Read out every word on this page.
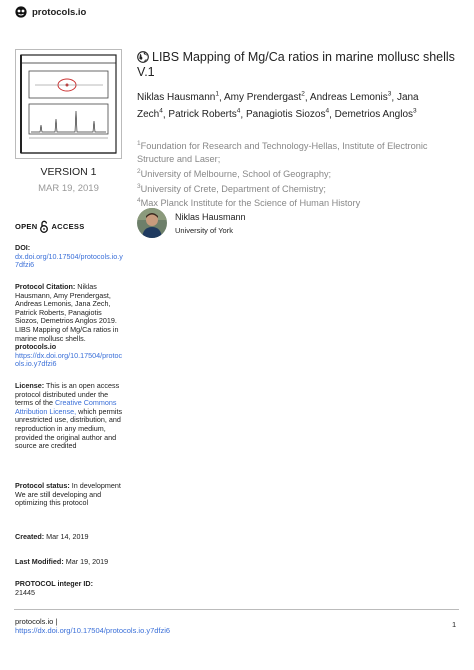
protocols.io
VERSION 1
MAR 19, 2019
OPEN ACCESS
DOI:
dx.doi.org/10.17504/protocols.io.y7dfzi6
Protocol Citation: Niklas Hausmann, Amy Prendergast, Andreas Lemonis, Jana Zech, Patrick Roberts, Panagiotis Siozos, Demetrios Anglos 2019. LIBS Mapping of Mg/Ca ratios in marine mollusc shells.
protocols.io
https://dx.doi.org/10.17504/protocols.io.y7dfzi6
License: This is an open access protocol distributed under the terms of the Creative Commons Attribution License, which permits unrestricted use, distribution, and reproduction in any medium, provided the original author and source are credited
Protocol status: In development
We are still developing and optimizing this protocol
Created: Mar 14, 2019
Last Modified: Mar 19, 2019
PROTOCOL integer ID:
21445
LIBS Mapping of Mg/Ca ratios in marine mollusc shells V.1
Niklas Hausmann$^1$, Amy Prendergast$^2$, Andreas Lemonis$^3$, Jana Zech$^4$, Patrick Roberts$^4$, Panagiotis Siozos$^4$, Demetrios Anglos$^3$
$^1$Foundation for Research and Technology-Hellas, Institute of Electronic Structure and Laser;
$^2$University of Melbourne, School of Geography;
$^3$University of Crete, Department of Chemistry;
$^4$Max Planck Institute for the Science of Human History
Niklas Hausmann
University of York
protocols.io |
https://dx.doi.org/10.17504/protocols.io.y7dfzi6
1
